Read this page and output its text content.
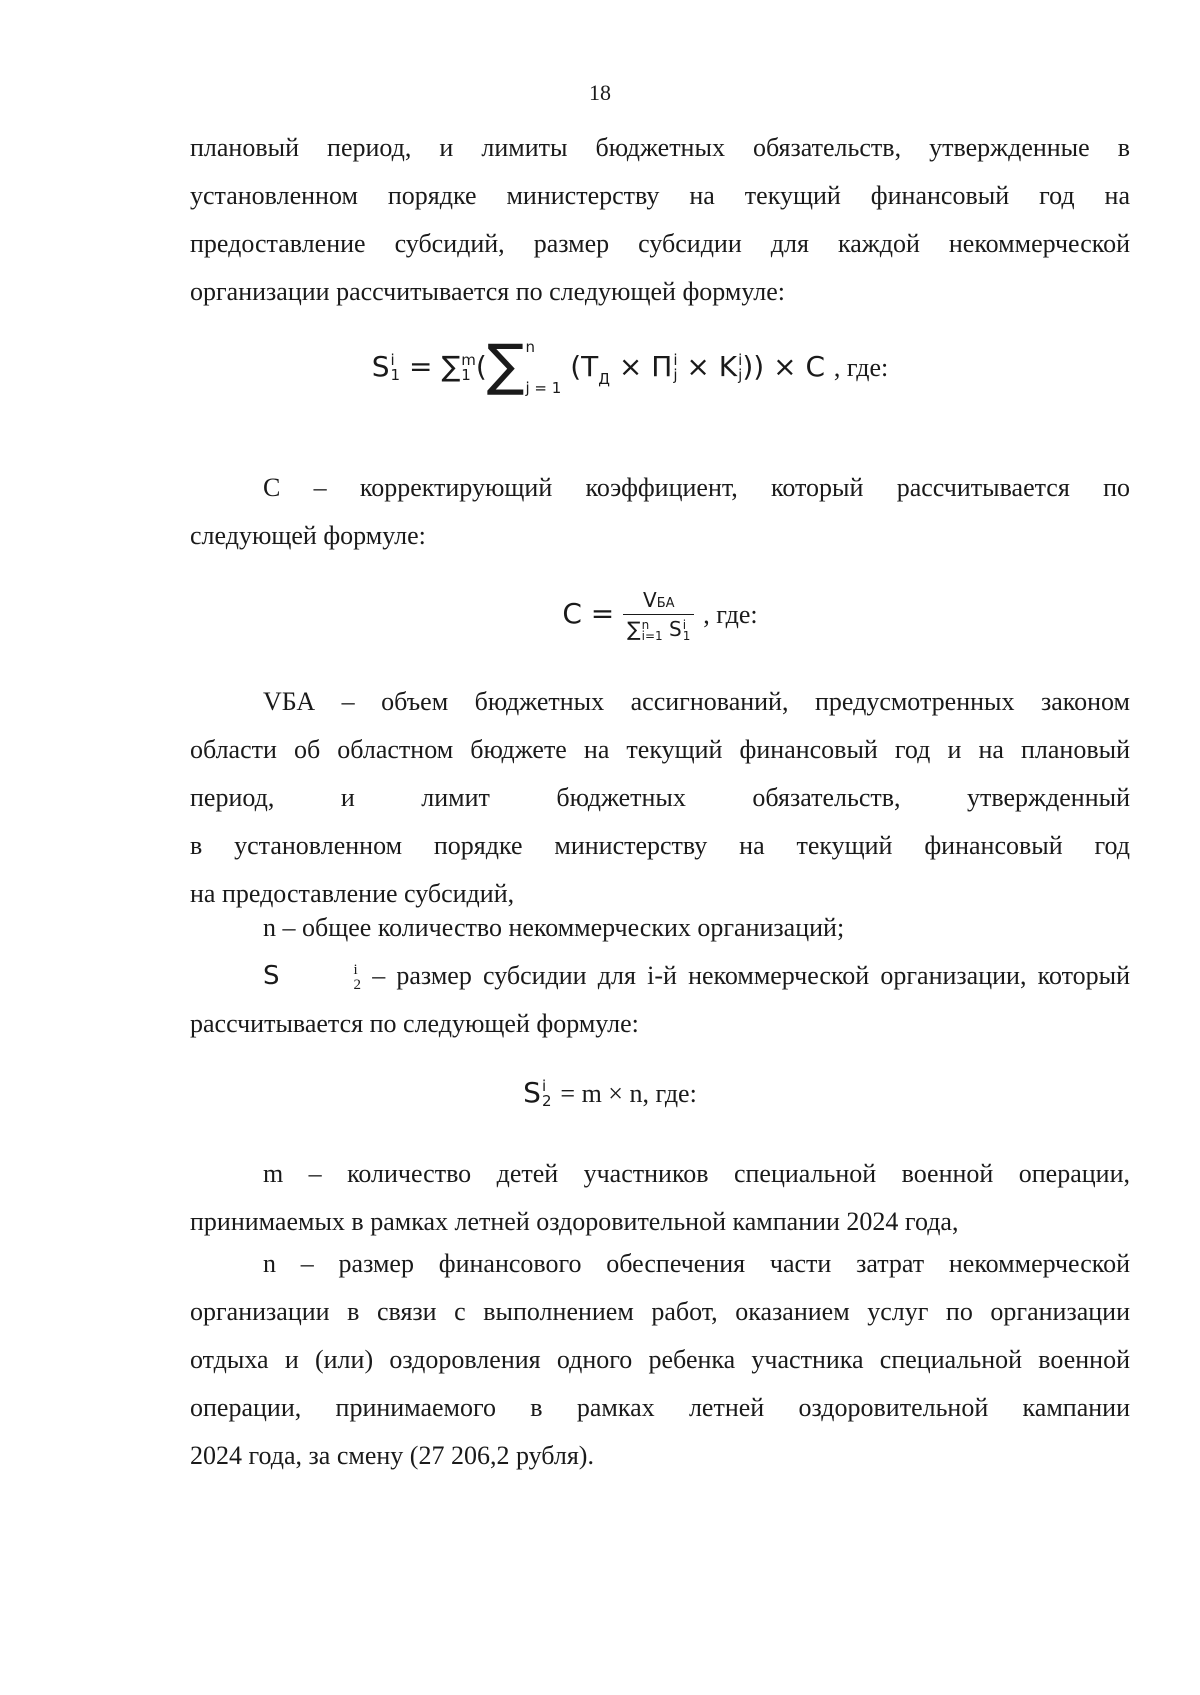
18
плановый период, и лимиты бюджетных обязательств, утвержденные в
установленном порядке министерству на текущий финансовый год на
предоставление субсидий, размер субсидии для каждой некоммерческой
организации рассчитывается по следующей формуле:
S i
1 = ∑ m
1 (∑ n
j = 1
($T_Д \times П$ i
j × K i
j )) × C , где:
С – корректирующий коэффициент, который рассчитывается по
следующей формуле:
C = VБА
∑ n
i=1 S i
1 , где:
VБА – объем бюджетных ассигнований, предусмотренных законом
области об областном бюджете на текущий финансовый год и на плановый
период, и лимит бюджетных обязательств, утвержденный
в установленном порядке министерству на текущий финансовый год
на предоставление субсидий,
n – общее количество некоммерческих организаций;
S	i
2 – размер субсидии для i-й некоммерческой организации, который
рассчитывается по следующей формуле:
S i
2 = m × n, где:
m – количество детей участников специальной военной операции,
принимаемых в рамках летней оздоровительной кампании 2024 года,
n – размер финансового обеспечения части затрат некоммерческой
организации в связи с выполнением работ, оказанием услуг по организации
отдыха и (или) оздоровления одного ребенка участника специальной военной
операции, принимаемого в рамках летней оздоровительной кампании
2024 года, за смену (27 206,2 рубля).
